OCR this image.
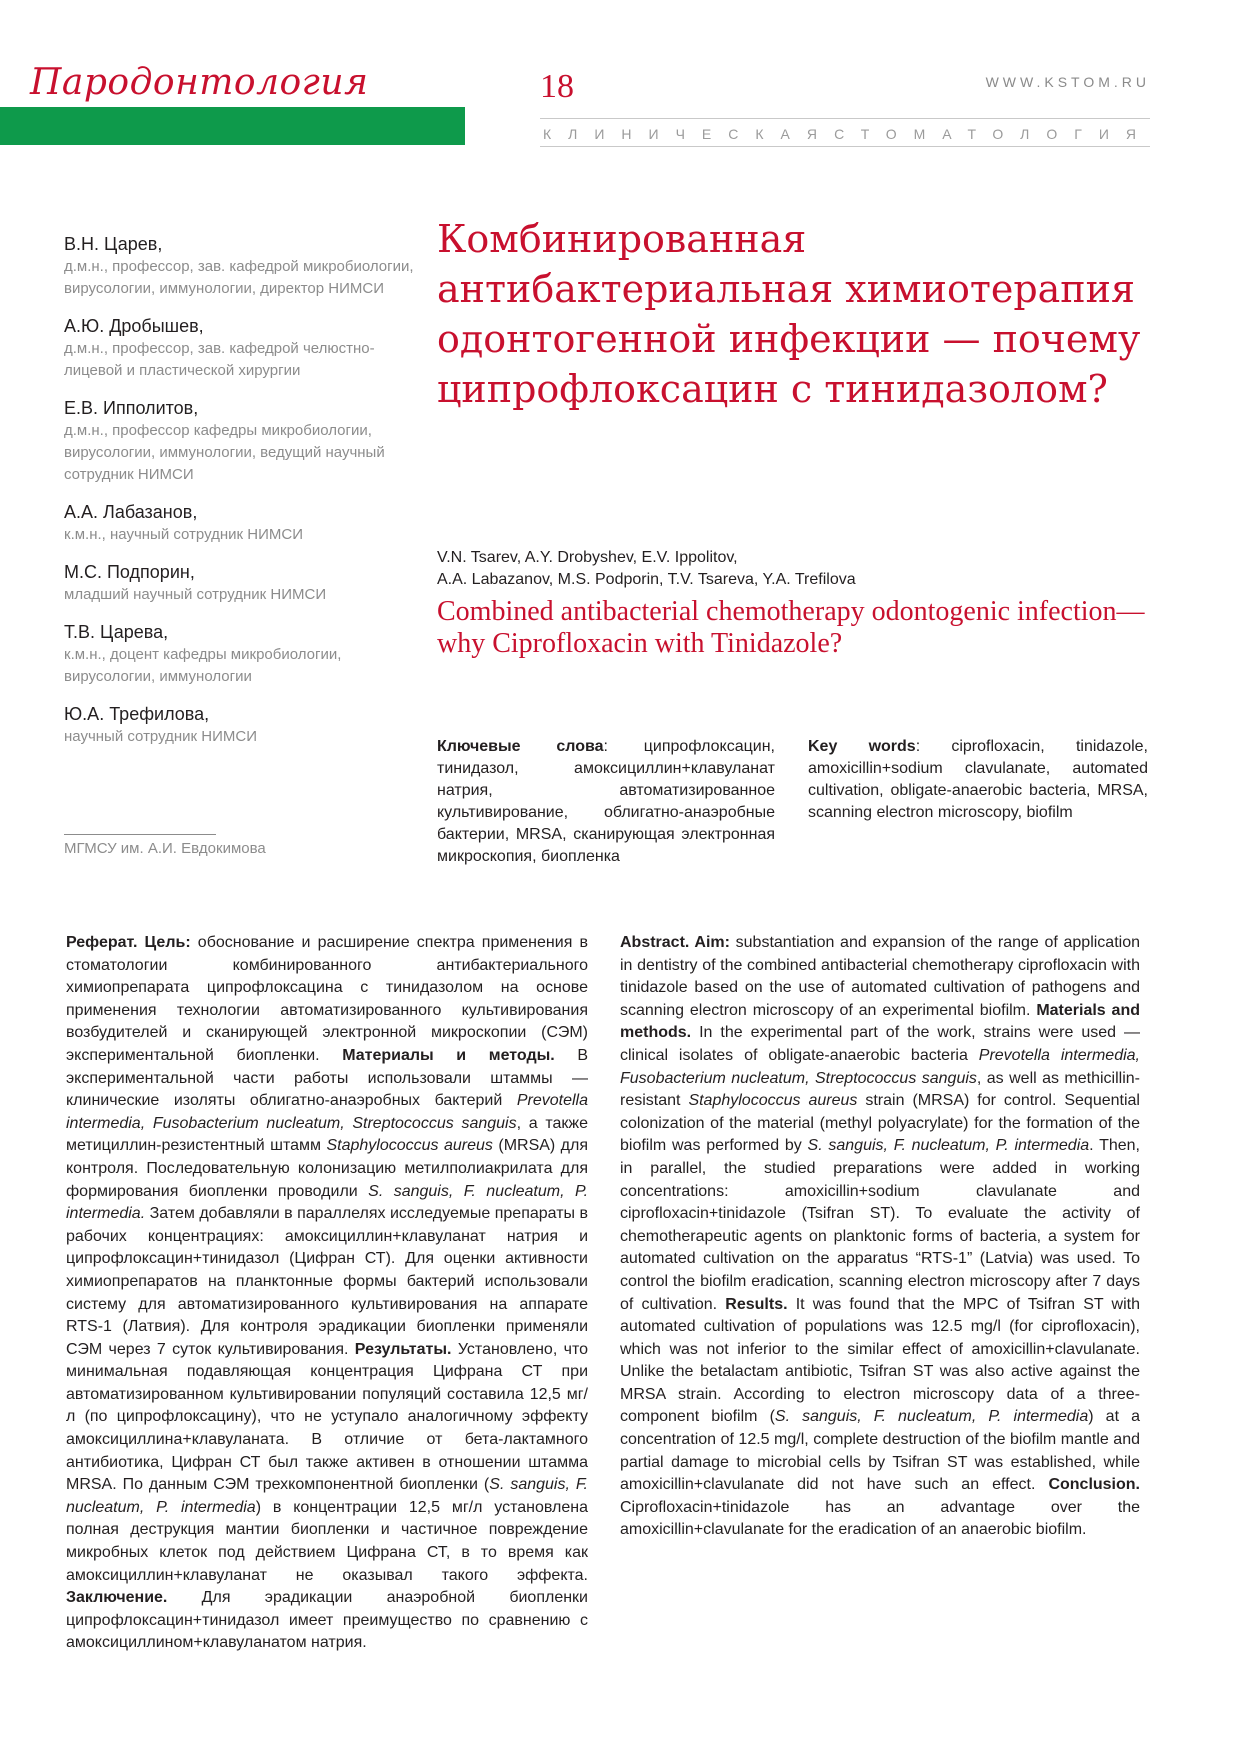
Пародонтология	18	WWW.KSTOM.RU
КЛИНИЧЕСКАЯ СТОМАТОЛОГИЯ
В.Н. Царев,
д.м.н., профессор, зав. кафедрой микробиологии, вирусологии, иммунологии, директор НИМСИ
А.Ю. Дробышев,
д.м.н., профессор, зав. кафедрой челюстно-лицевой и пластической хирургии
Е.В. Ипполитов,
д.м.н., профессор кафедры микробиологии, вирусологии, иммунологии, ведущий научный сотрудник НИМСИ
А.А. Лабазанов,
к.м.н., научный сотрудник НИМСИ
М.С. Подпорин,
младший научный сотрудник НИМСИ
Т.В. Царева,
к.м.н., доцент кафедры микробиологии, вирусологии, иммунологии
Ю.А. Трефилова,
научный сотрудник НИМСИ
МГМСУ им. А.И. Евдокимова
Комбинированная антибактериальная химиотерапия одонтогенной инфекции — почему ципрофлоксацин с тинидазолом?
V.N. Tsarev, A.Y. Drobyshev, E.V. Ippolitov,
A.A. Labazanov, M.S. Podporin, T.V. Tsareva, Y.A. Trefilova
Combined antibacterial chemotherapy odontogenic infection—why Ciprofloxacin with Tinidazole?
Ключевые слова: ципрофлоксацин, тинидазол, амоксициллин+клавуланат натрия, автоматизированное культивирование, облигатно-анаэробные бактерии, MRSA, сканирующая электронная микроскопия, биопленка
Key words: ciprofloxacin, tinidazole, amoxicillin+sodium clavulanate, automated cultivation, obligate-anaerobic bacteria, MRSA, scanning electron microscopy, biofilm
Реферат. Цель: обоснование и расширение спектра применения в стоматологии комбинированного антибактериального химиопрепарата ципрофлоксацина с тинидазолом на основе применения технологии автоматизированного культивирования возбудителей и сканирующей электронной микроскопии (СЭМ) экспериментальной биопленки. Материалы и методы. В экспериментальной части работы использовали штаммы — клинические изоляты облигатно-анаэробных бактерий Prevotella intermedia, Fusobacterium nucleatum, Streptococcus sanguis, а также метициллин-резистентный штамм Staphylococcus aureus (MRSA) для контроля. Последовательную колонизацию метилполиакрилата для формирования биопленки проводили S. sanguis, F. nucleatum, P. intermedia. Затем добавляли в параллелях исследуемые препараты в рабочих концентрациях: амоксициллин+клавуланат натрия и ципрофлоксацин+тинидазол (Цифран СТ). Для оценки активности химиопрепаратов на планктонные формы бактерий использовали систему для автоматизированного культивирования на аппарате RTS-1 (Латвия). Для контроля эрадикации биопленки применяли СЭМ через 7 суток культивирования. Результаты. Установлено, что минимальная подавляющая концентрация Цифрана СТ при автоматизированном культивировании популяций составила 12,5 мг/л (по ципрофлоксацину), что не уступало аналогичному эффекту амоксициллина+клавуланата. В отличие от бета-лактамного антибиотика, Цифран СТ был также активен в отношении штамма MRSA. По данным СЭМ трехкомпонентной биопленки (S. sanguis, F. nucleatum, P. intermedia) в концентрации 12,5 мг/л установлена полная деструкция мантии биопленки и частичное повреждение микробных клеток под действием Цифрана СТ, в то время как амоксициллин+клавуланат не оказывал такого эффекта. Заключение. Для эрадикации анаэробной биопленки ципрофлоксацин+тинидазол имеет преимущество по сравнению с амоксициллином+клавуланатом натрия.
Abstract. Aim: substantiation and expansion of the range of application in dentistry of the combined antibacterial chemotherapy ciprofloxacin with tinidazole based on the use of automated cultivation of pathogens and scanning electron microscopy of an experimental biofilm. Materials and methods. In the experimental part of the work, strains were used — clinical isolates of obligate-anaerobic bacteria Prevotella intermedia, Fusobacterium nucleatum, Streptococcus sanguis, as well as methicillin-resistant Staphylococcus aureus strain (MRSA) for control. Sequential colonization of the material (methyl polyacrylate) for the formation of the biofilm was performed by S. sanguis, F. nucleatum, P. intermedia. Then, in parallel, the studied preparations were added in working concentrations: amoxicillin+sodium clavulanate and ciprofloxacin+tinidazole (Tsifran ST). To evaluate the activity of chemotherapeutic agents on planktonic forms of bacteria, a system for automated cultivation on the apparatus “RTS-1” (Latvia) was used. To control the biofilm eradication, scanning electron microscopy after 7 days of cultivation. Results. It was found that the MPC of Tsifran ST with automated cultivation of populations was 12.5 mg/l (for ciprofloxacin), which was not inferior to the similar effect of amoxicillin+clavulanate. Unlike the betalactam antibiotic, Tsifran ST was also active against the MRSA strain. According to electron microscopy data of a three-component biofilm (S. sanguis, F. nucleatum, P. intermedia) at a concentration of 12.5 mg/l, complete destruction of the biofilm mantle and partial damage to microbial cells by Tsifran ST was established, while amoxicillin+clavulanate did not have such an effect. Conclusion. Ciprofloxacin+tinidazole has an advantage over the amoxicillin+clavulanate for the eradication of an anaerobic biofilm.
